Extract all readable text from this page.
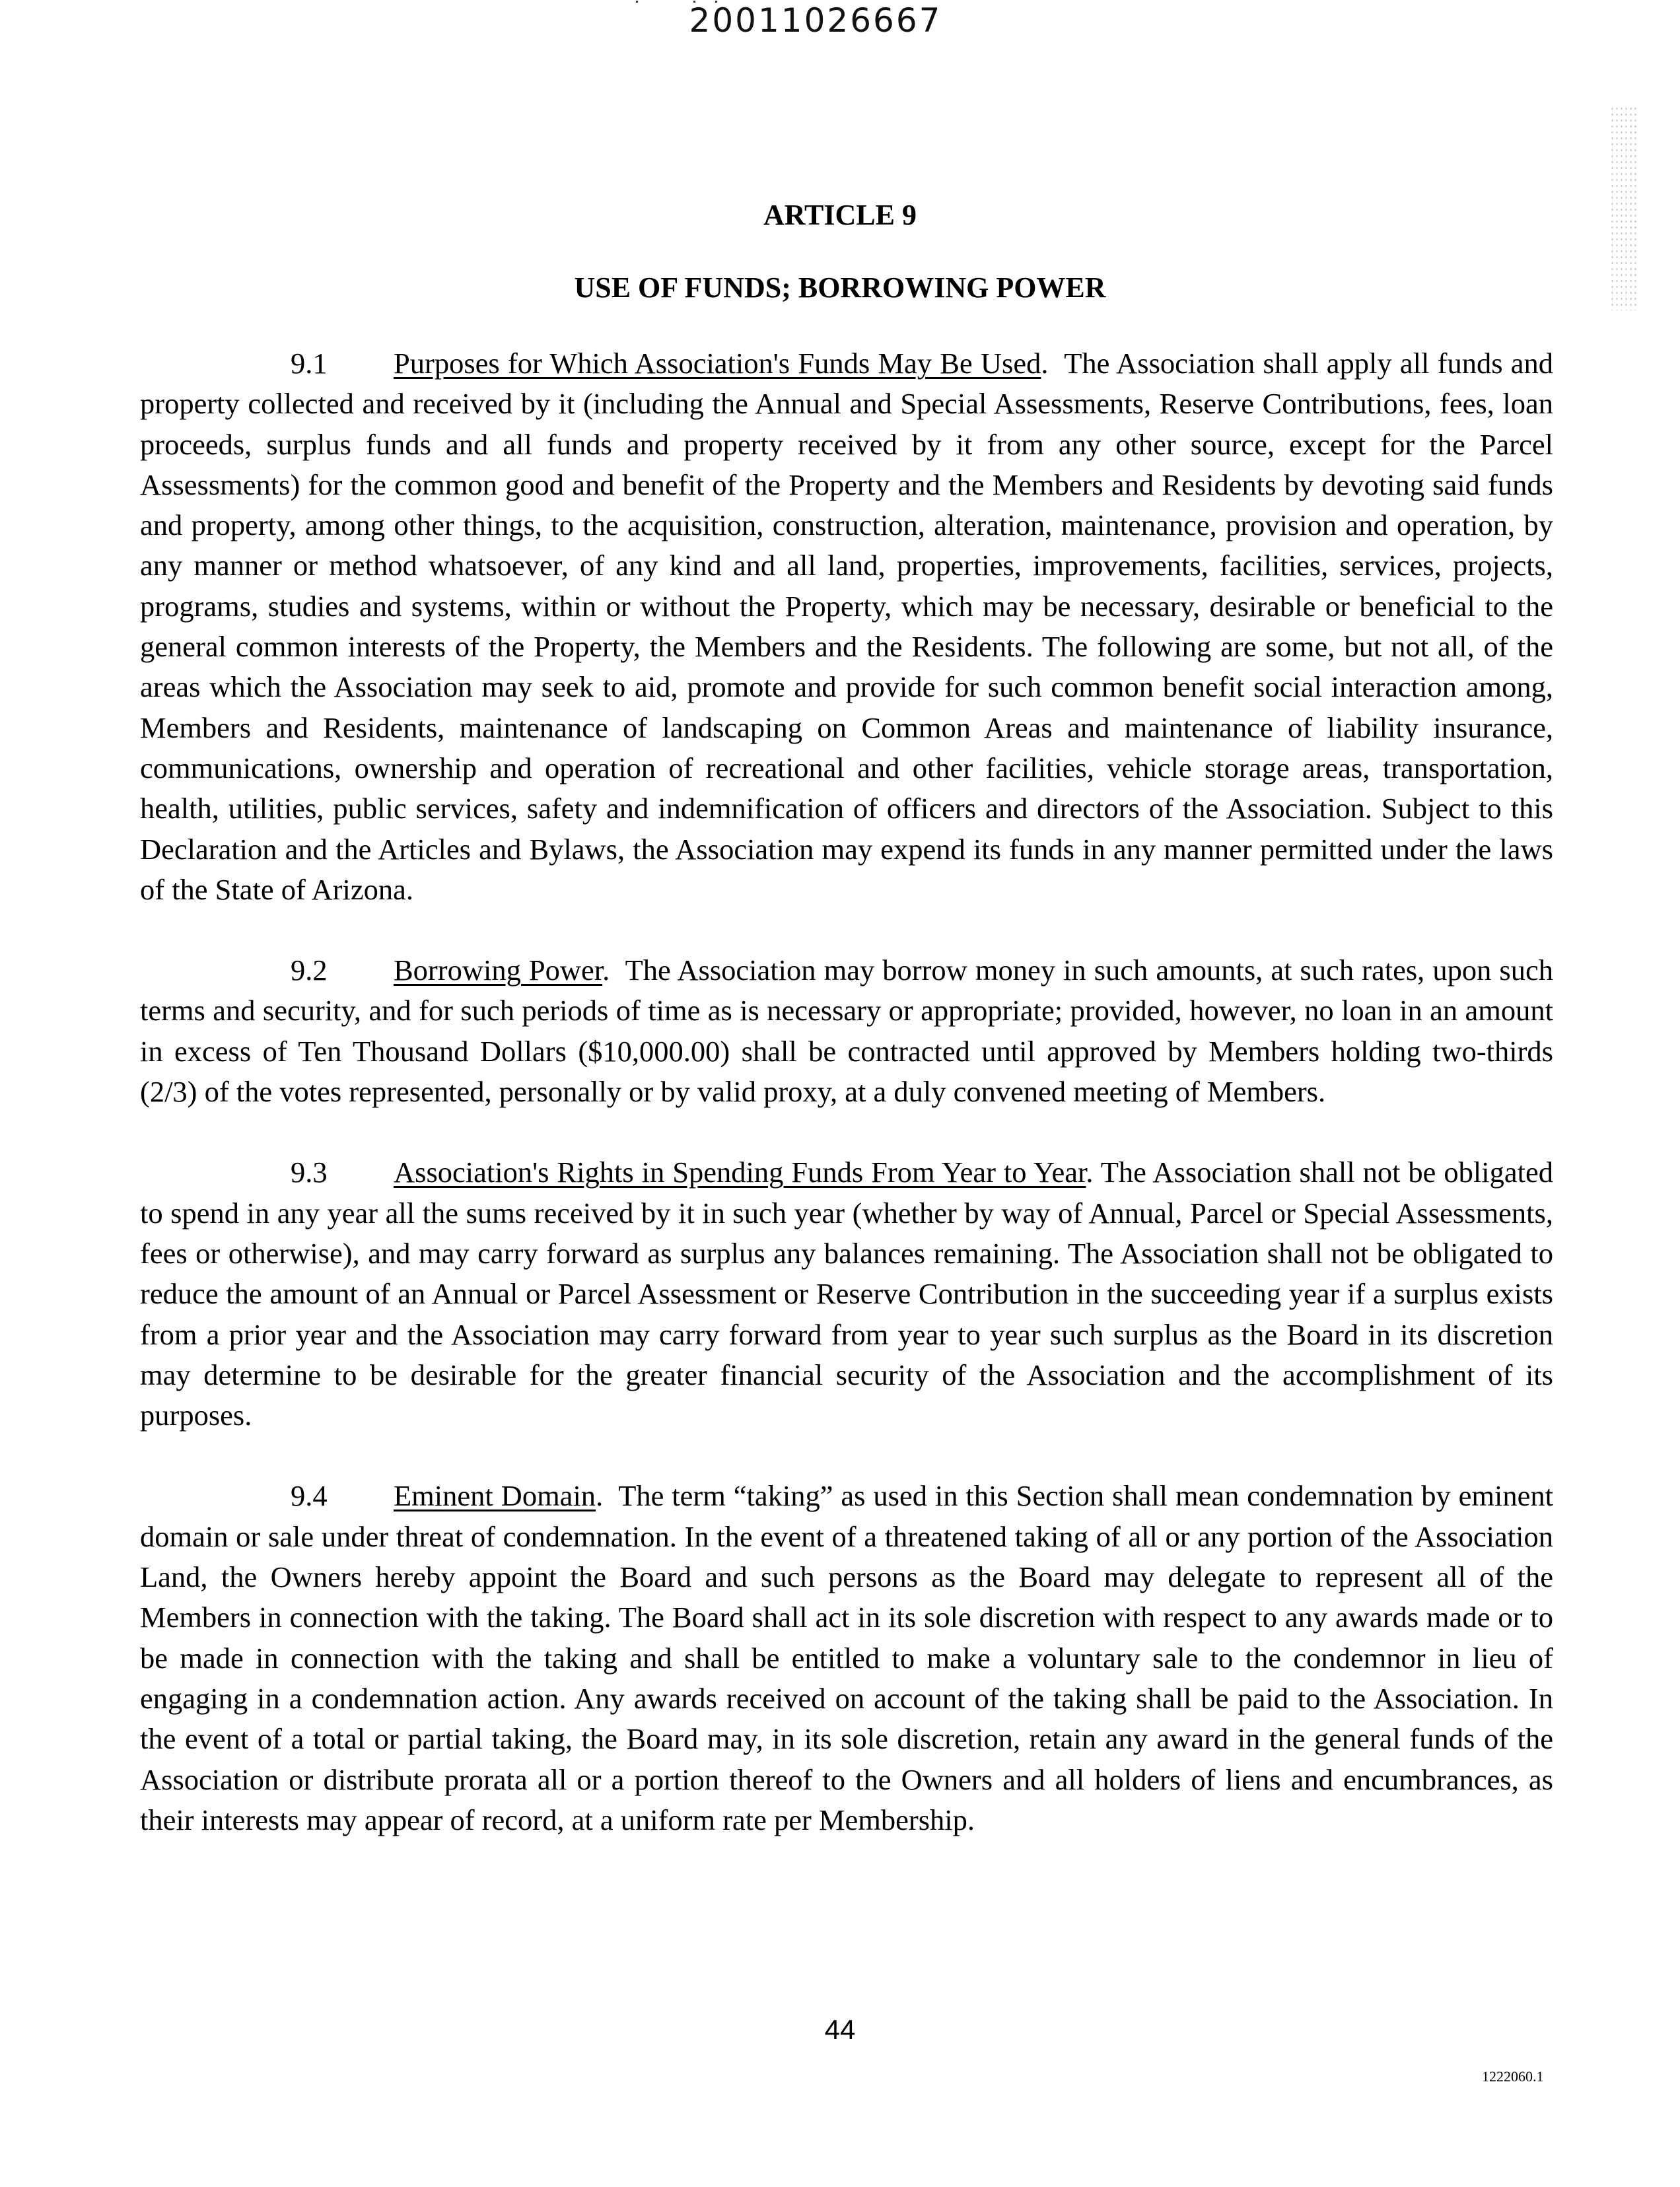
20011026667
ARTICLE 9
USE OF FUNDS; BORROWING POWER

9.1 Purposes for Which Association's Funds May Be Used. The Association shall apply all funds and property collected and received by it (including the Annual and Special Assessments, Reserve Contributions, fees, loan proceeds, surplus funds and all funds and property received by it from any other source, except for the Parcel Assessments) for the common good and benefit of the Property and the Members and Residents by devoting said funds and property, among other things, to the acquisition, construction, alteration, maintenance, provision and operation, by any manner or method whatsoever, of any kind and all land, properties, improvements, facilities, services, projects, programs, studies and systems, within or without the Property, which may be necessary, desirable or beneficial to the general common interests of the Property, the Members and the Residents. The following are some, but not all, of the areas which the Association may seek to aid, promote and provide for such common benefit social interaction among, Members and Residents, maintenance of landscaping on Common Areas and maintenance of liability insurance, communications, ownership and operation of recreational and other facilities, vehicle storage areas, transportation, health, utilities, public services, safety and indemnification of officers and directors of the Association. Subject to this Declaration and the Articles and Bylaws, the Association may expend its funds in any manner permitted under the laws of the State of Arizona.

9.2 Borrowing Power. The Association may borrow money in such amounts, at such rates, upon such terms and security, and for such periods of time as is necessary or appropriate; provided, however, no loan in an amount in excess of Ten Thousand Dollars ($10,000.00) shall be contracted until approved by Members holding two-thirds (2/3) of the votes represented, personally or by valid proxy, at a duly convened meeting of Members.

9.3 Association's Rights in Spending Funds From Year to Year. The Association shall not be obligated to spend in any year all the sums received by it in such year (whether by way of Annual, Parcel or Special Assessments, fees or otherwise), and may carry forward as surplus any balances remaining. The Association shall not be obligated to reduce the amount of an Annual or Parcel Assessment or Reserve Contribution in the succeeding year if a surplus exists from a prior year and the Association may carry forward from year to year such surplus as the Board in its discretion may determine to be desirable for the greater financial security of the Association and the accomplishment of its purposes.

9.4 Eminent Domain. The term “taking” as used in this Section shall mean condemnation by eminent domain or sale under threat of condemnation. In the event of a threatened taking of all or any portion of the Association Land, the Owners hereby appoint the Board and such persons as the Board may delegate to represent all of the Members in connection with the taking. The Board shall act in its sole discretion with respect to any awards made or to be made in connection with the taking and shall be entitled to make a voluntary sale to the condemnor in lieu of engaging in a condemnation action. Any awards received on account of the taking shall be paid to the Association. In the event of a total or partial taking, the Board may, in its sole discretion, retain any award in the general funds of the Association or distribute prorata all or a portion thereof to the Owners and all holders of liens and encumbrances, as their interests may appear of record, at a uniform rate per Membership.

44
1222060.1
